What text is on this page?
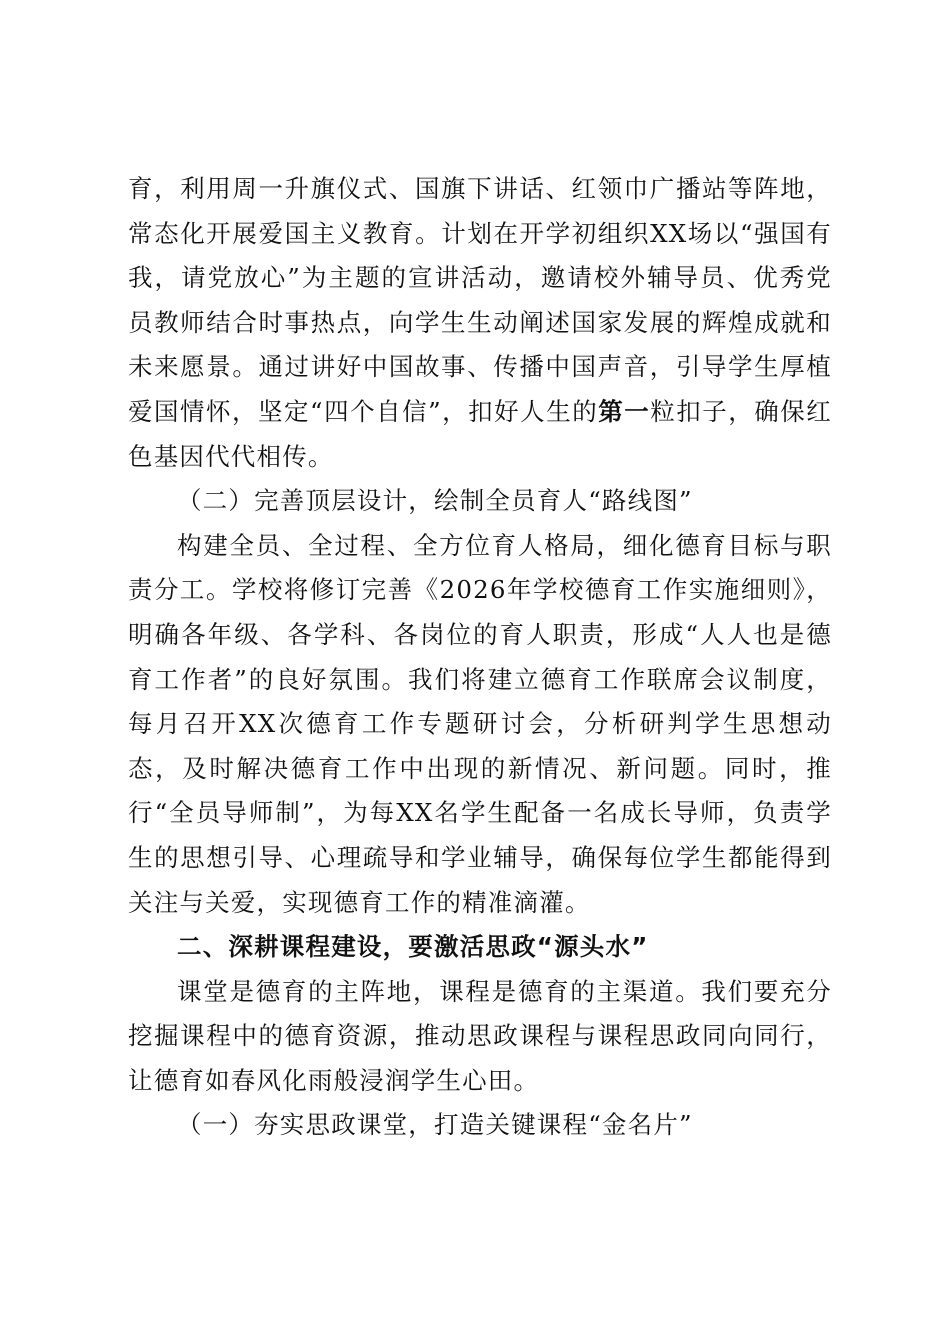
育，利用周一升旗仪式、国旗下讲话、红领巾广播站等阵地，常态化开展爱国主义教育。计划在开学初组织XX场以“强国有我，请党放心”为主题的宣讲活动，邀请校外辅导员、优秀党员教师结合时事热点，向学生生动阐述国家发展的辉煌成就和未来愿景。通过讲好中国故事、传播中国声音，引导学生厚植爱国情怀，坚定“四个自信”，扣好人生的第一粒扣子，确保红色基因代代相传。

（二）完善顶层设计，绘制全员育人“路线图”

构建全员、全过程、全方位育人格局，细化德育目标与职责分工。学校将修订完善《2026年学校德育工作实施细则》，明确各年级、各学科、各岗位的育人职责，形成“人人也是德育工作者”的良好氛围。我们将建立德育工作联席会议制度，每月召开XX次德育工作专题研讨会，分析研判学生思想动态，及时解决德育工作中出现的新情况、新问题。同时，推行“全员导师制”，为每XX名学生配备一名成长导师，负责学生的思想引导、心理疏导和学业辅导，确保每位学生都能得到关注与关爱，实现德育工作的精准滴灌。

二、深耕课程建设，要激活思政“源头水”

课堂是德育的主阵地，课程是德育的主渠道。我们要充分挖掘课程中的德育资源，推动思政课程与课程思政同向同行，让德育如春风化雨般浸润学生心田。

（一）夯实思政课堂，打造关键课程“金名片”
